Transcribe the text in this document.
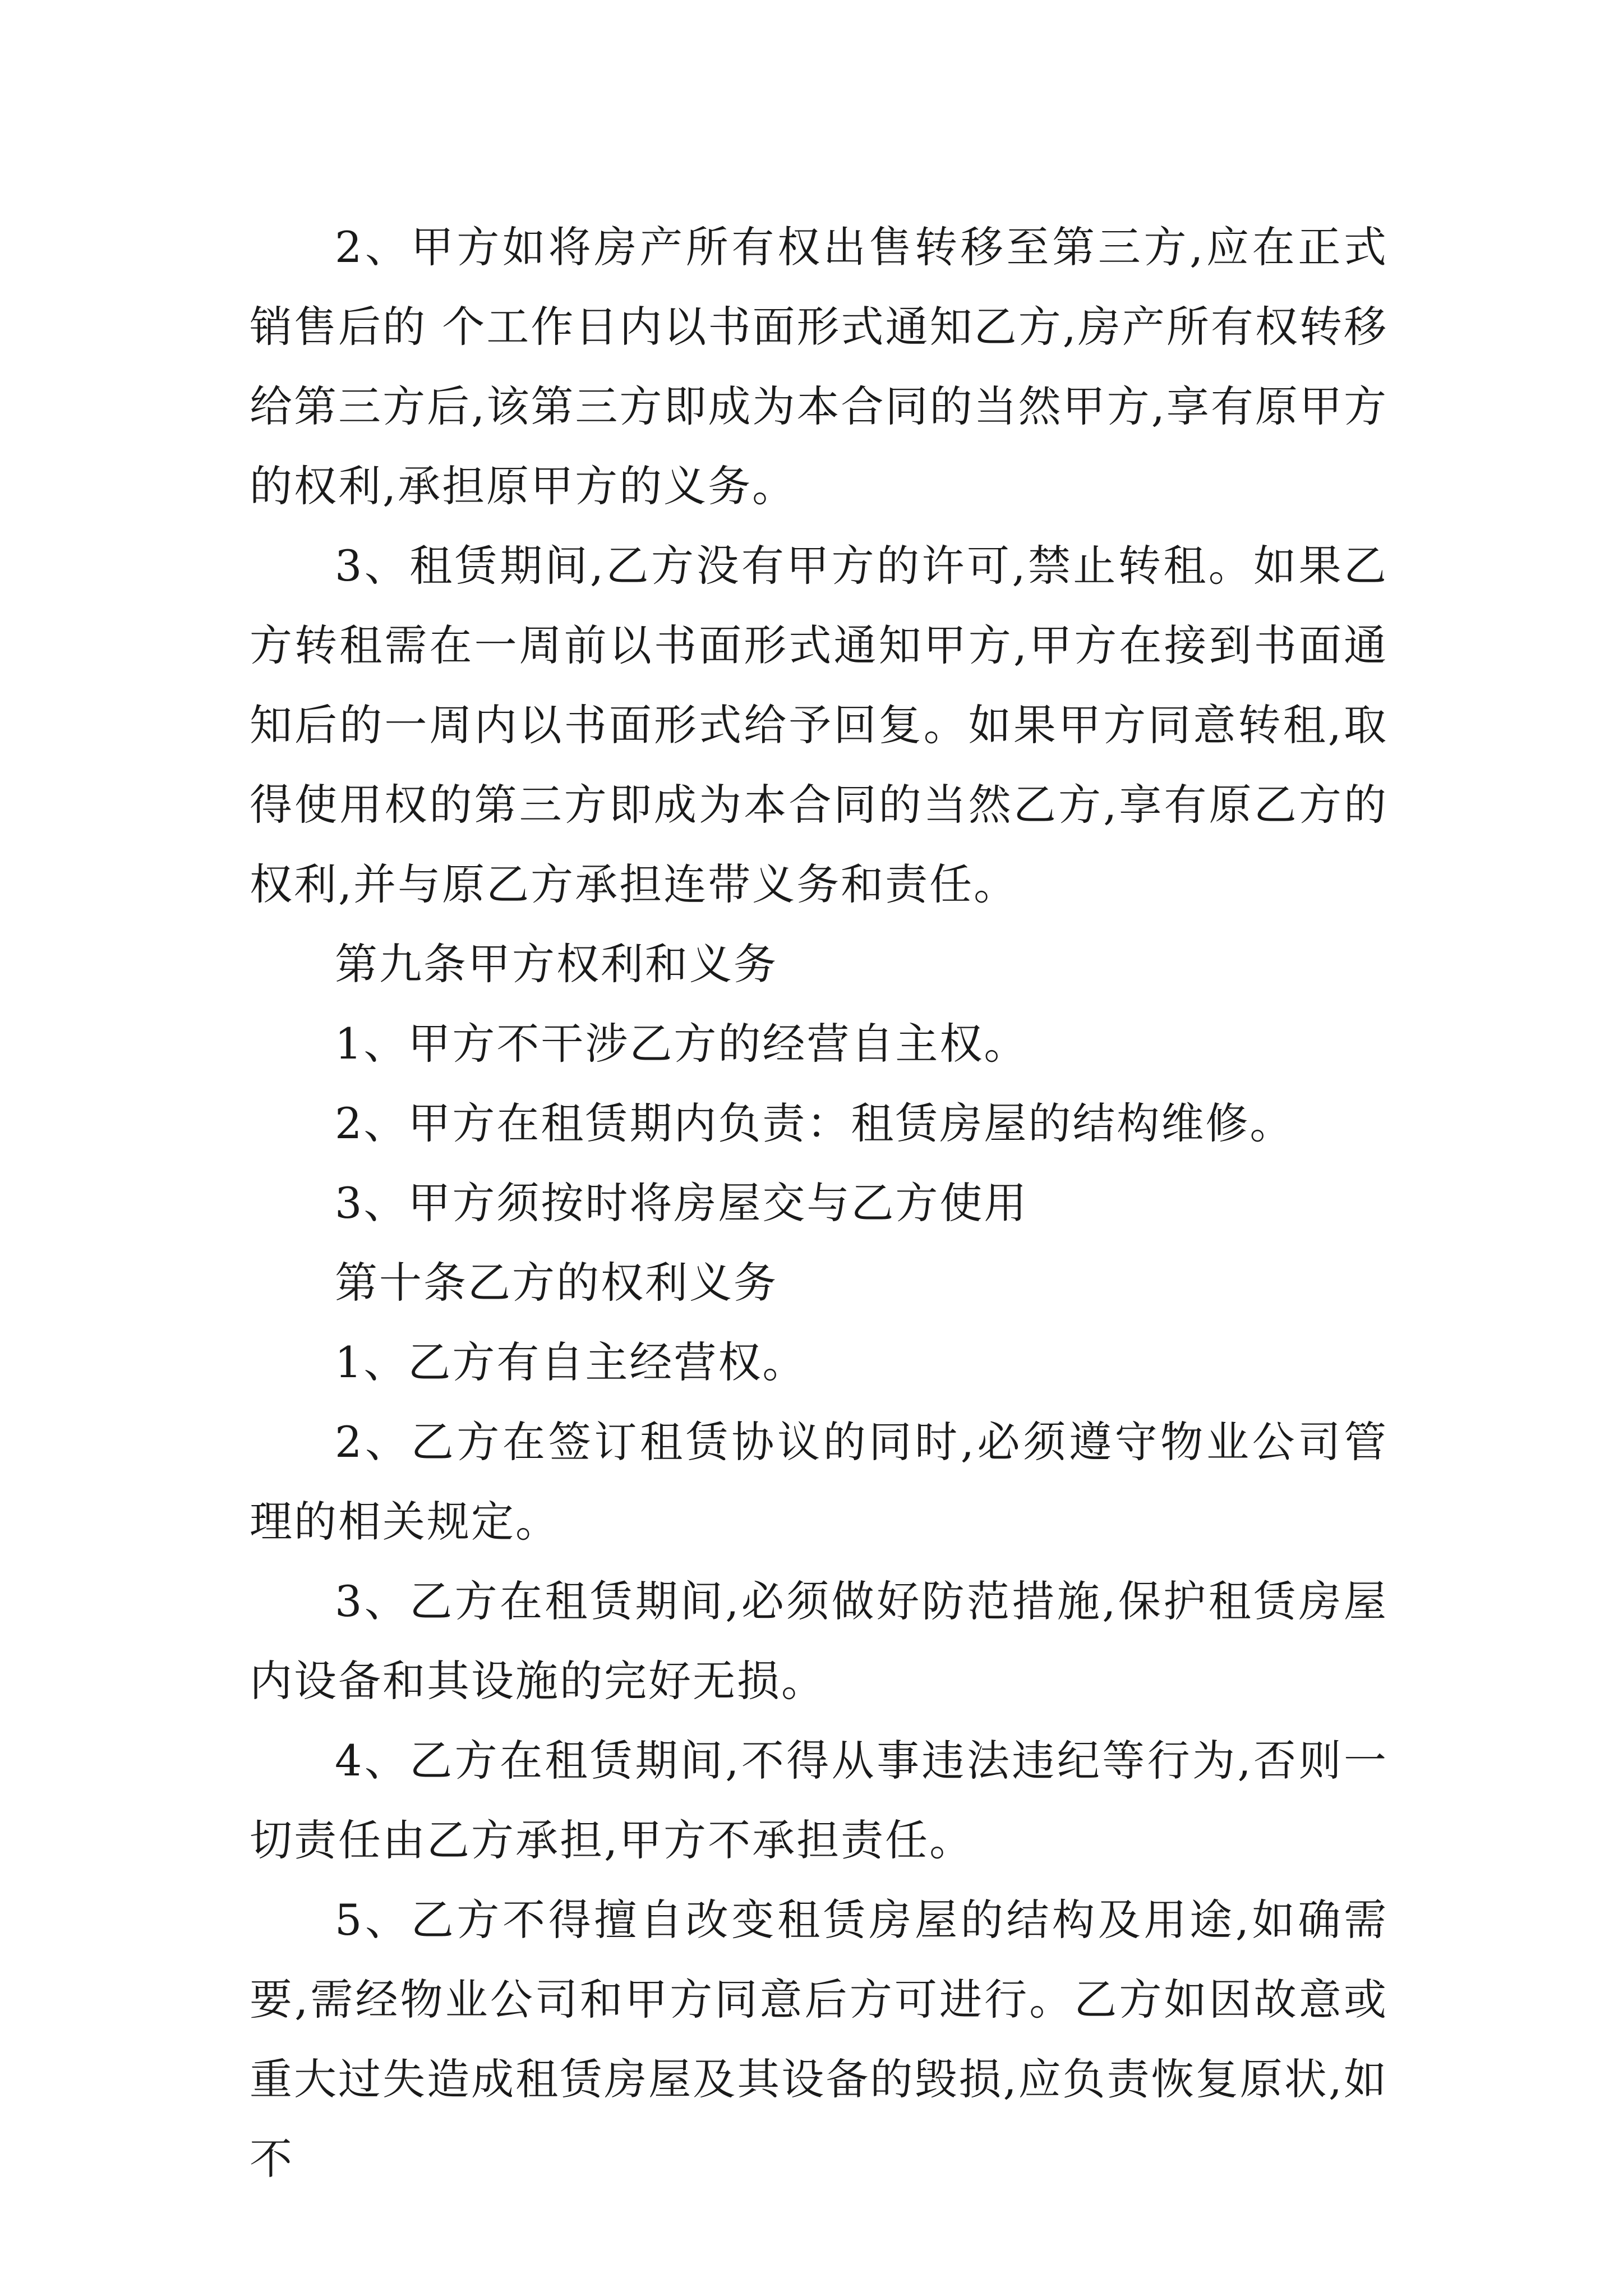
2、甲方如将房产所有权出售转移至第三方,应在正式销售后的 个工作日内以书面形式通知乙方,房产所有权转移给第三方后,该第三方即成为本合同的当然甲方,享有原甲方的权利,承担原甲方的义务。

3、租赁期间,乙方没有甲方的许可,禁止转租。如果乙方转租需在一周前以书面形式通知甲方,甲方在接到书面通知后的一周内以书面形式给予回复。如果甲方同意转租,取得使用权的第三方即成为本合同的当然乙方,享有原乙方的权利,并与原乙方承担连带义务和责任。

第九条甲方权利和义务

1、甲方不干涉乙方的经营自主权。

2、甲方在租赁期内负责：租赁房屋的结构维修。

3、甲方须按时将房屋交与乙方使用

第十条乙方的权利义务

1、乙方有自主经营权。

2、乙方在签订租赁协议的同时,必须遵守物业公司管理的相关规定。

3、乙方在租赁期间,必须做好防范措施,保护租赁房屋内设备和其设施的完好无损。

4、乙方在租赁期间,不得从事违法违纪等行为,否则一切责任由乙方承担,甲方不承担责任。

5、乙方不得擅自改变租赁房屋的结构及用途,如确需要,需经物业公司和甲方同意后方可进行。乙方如因故意或重大过失造成租赁房屋及其设备的毁损,应负责恢复原状,如不
